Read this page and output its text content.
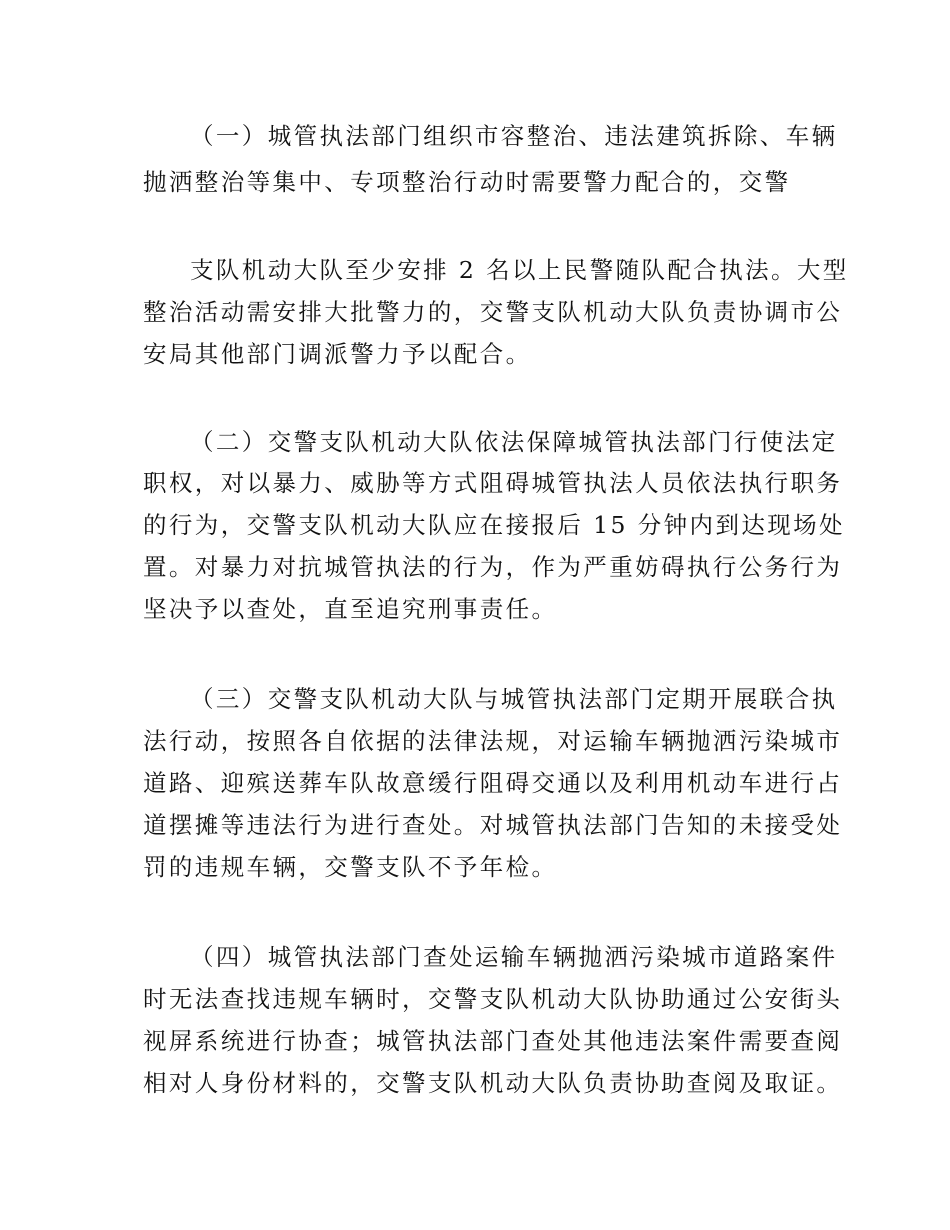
（一）城管执法部门组织市容整治、违法建筑拆除、车辆
抛洒整治等集中、专项整治行动时需要警力配合的，交警
支队机动大队至少安排 2 名以上民警随队配合执法。大型
整治活动需安排大批警力的，交警支队机动大队负责协调市公
安局其他部门调派警力予以配合。
（二）交警支队机动大队依法保障城管执法部门行使法定
职权，对以暴力、威胁等方式阻碍城管执法人员依法执行职务
的行为，交警支队机动大队应在接报后 15 分钟内到达现场处
置。对暴力对抗城管执法的行为，作为严重妨碍执行公务行为
坚决予以查处，直至追究刑事责任。
（三）交警支队机动大队与城管执法部门定期开展联合执
法行动，按照各自依据的法律法规，对运输车辆抛洒污染城市
道路、迎殡送葬车队故意缓行阻碍交通以及利用机动车进行占
道摆摊等违法行为进行查处。对城管执法部门告知的未接受处
罚的违规车辆，交警支队不予年检。
（四）城管执法部门查处运输车辆抛洒污染城市道路案件
时无法查找违规车辆时，交警支队机动大队协助通过公安街头
视屏系统进行协查；城管执法部门查处其他违法案件需要查阅
相对人身份材料的，交警支队机动大队负责协助查阅及取证。
